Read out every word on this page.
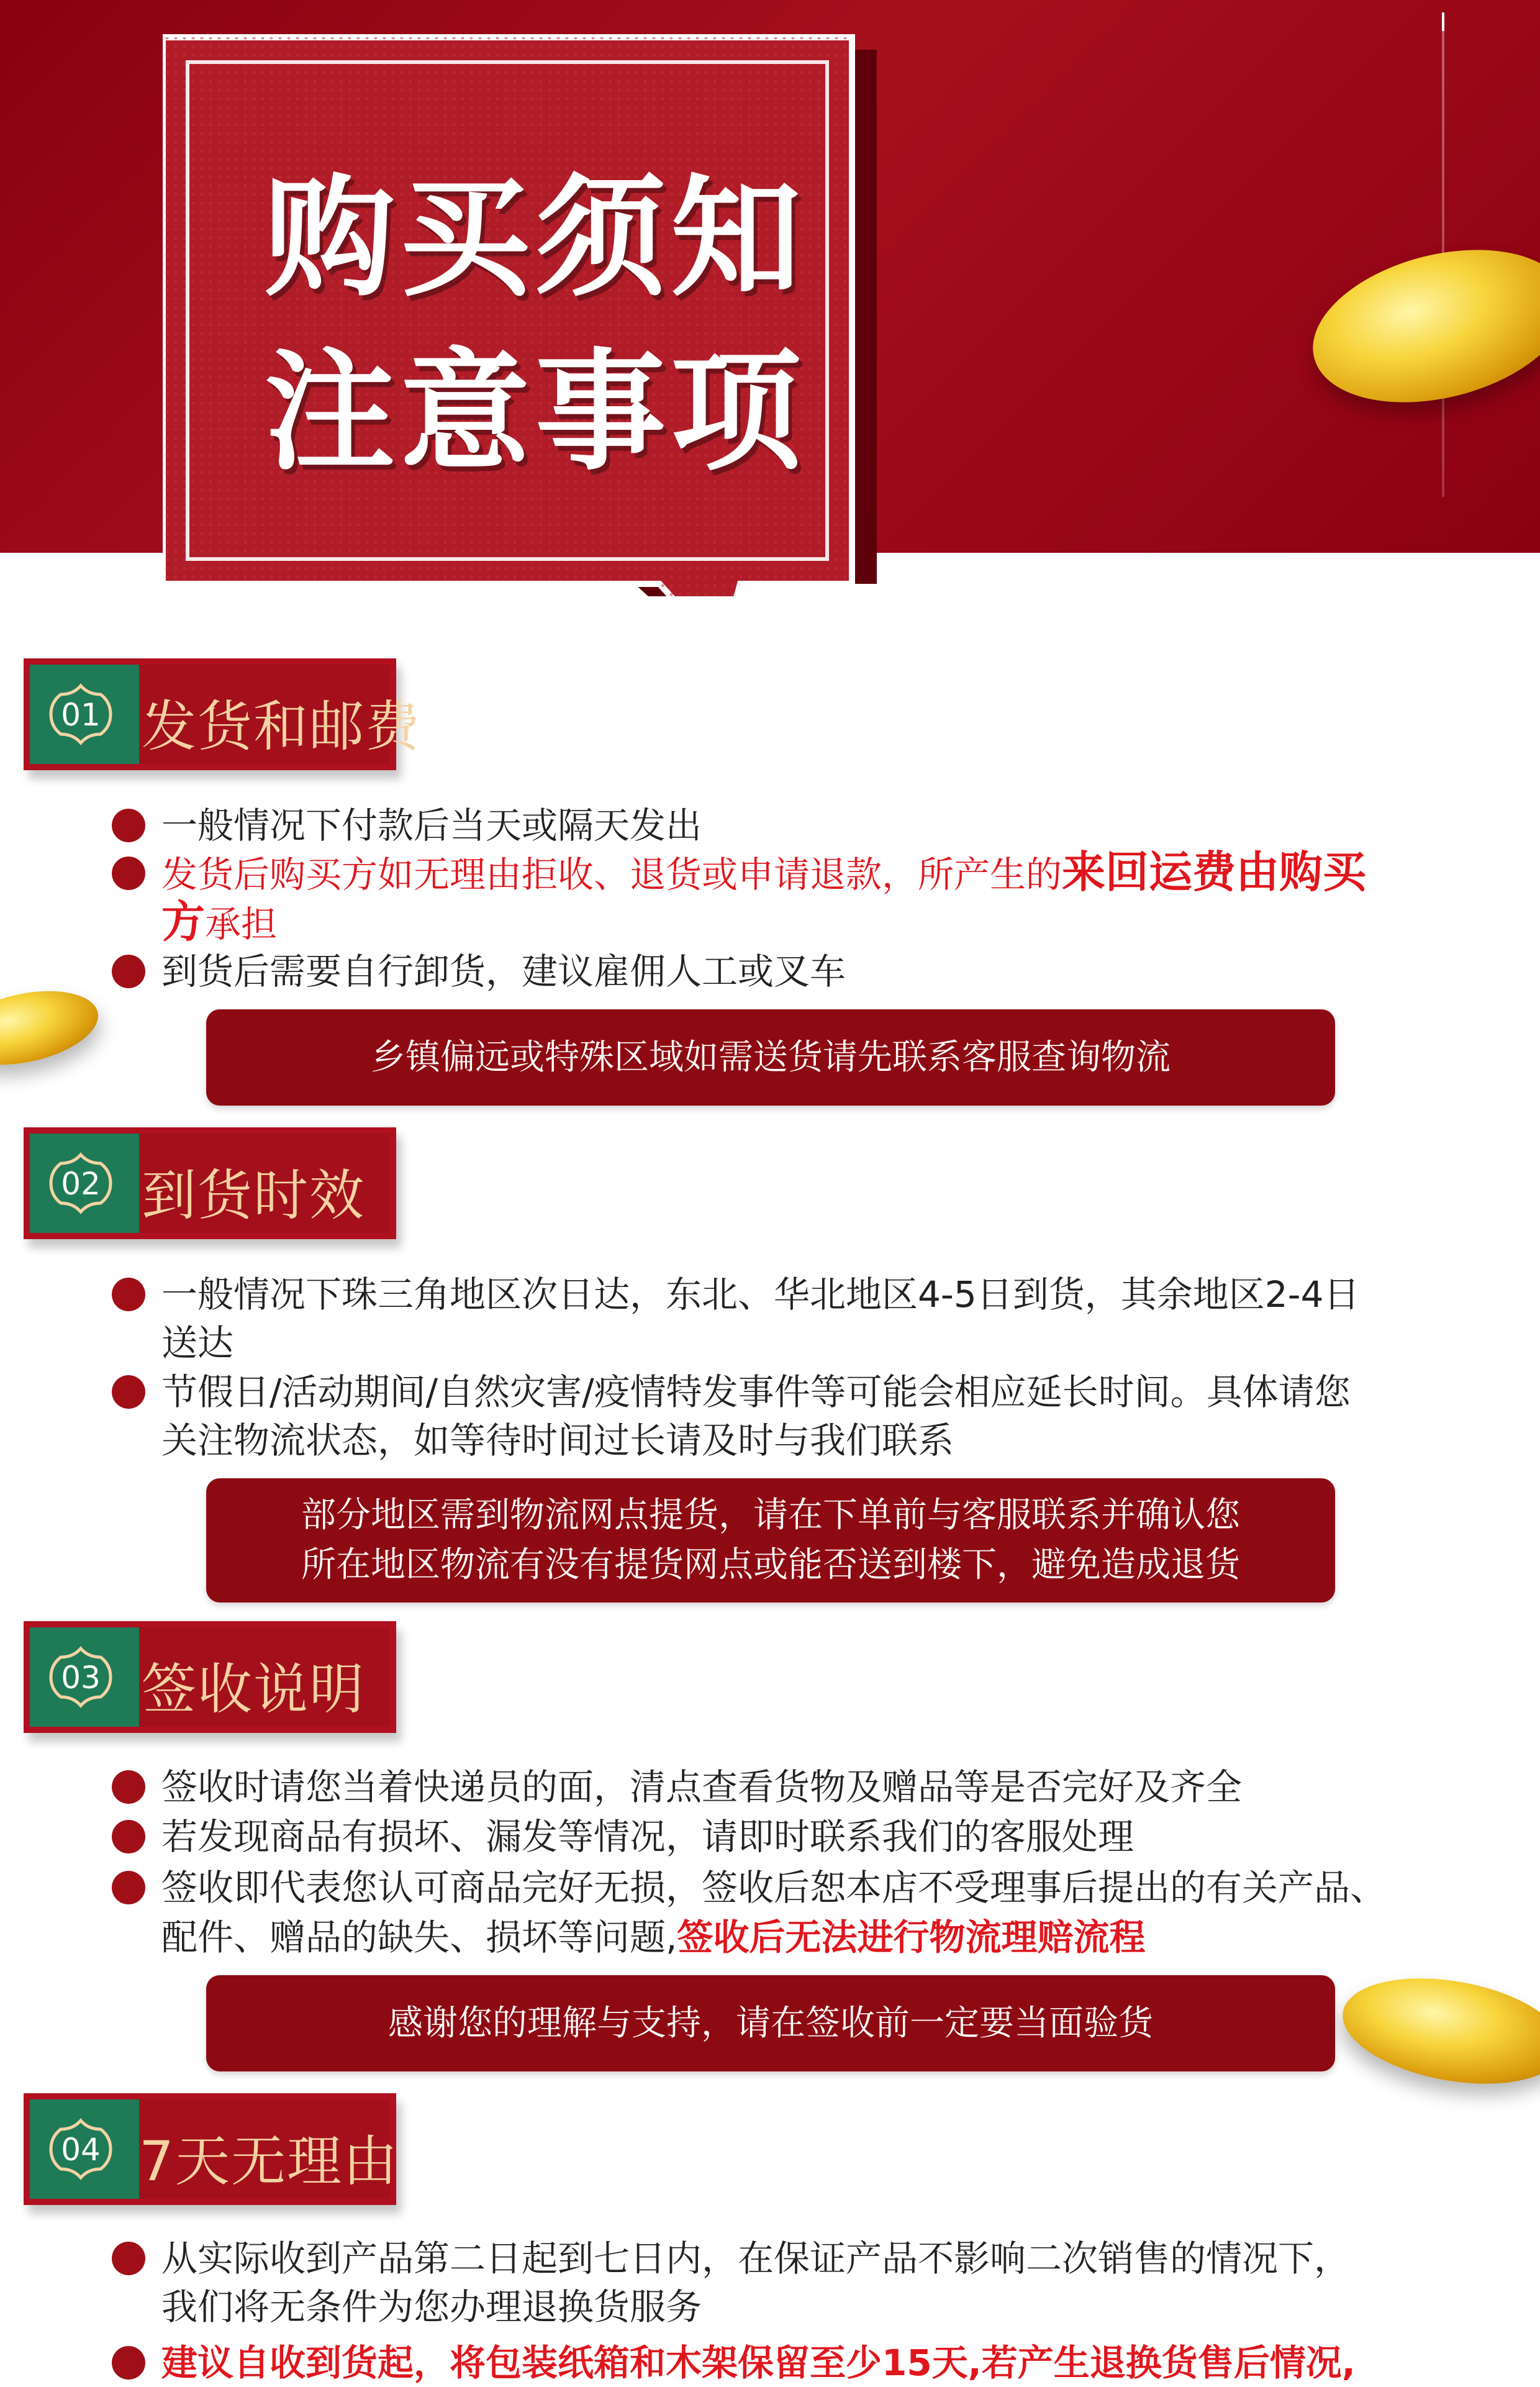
购买须知
注意事项
01 发货和邮费
一般情况下付款后当天或隔天发出
发货后购买方如无理由拒收、退货或申请退款，所产生的来回运费由购买
方承担
到货后需要自行卸货，建议雇佣人工或叉车
乡镇偏远或特殊区域如需送货请先联系客服查询物流
02 到货时效
一般情况下珠三角地区次日达，东北、华北地区4-5日到货，其余地区2-4日
送达
节假日/活动期间/自然灾害/疫情特发事件等可能会相应延长时间。具体请您
关注物流状态，如等待时间过长请及时与我们联系
部分地区需到物流网点提货，请在下单前与客服联系并确认您
所在地区物流有没有提货网点或能否送到楼下，避免造成退货
03 签收说明
签收时请您当着快递员的面，清点查看货物及赠品等是否完好及齐全
若发现商品有损坏、漏发等情况，请即时联系我们的客服处理
签收即代表您认可商品完好无损，签收后恕本店不受理事后提出的有关产品、
配件、赠品的缺失、损坏等问题,签收后无法进行物流理赔流程
感谢您的理解与支持，请在签收前一定要当面验货
04 7天无理由
从实际收到产品第二日起到七日内，在保证产品不影响二次销售的情况下，
我们将无条件为您办理退换货服务
建议自收到货起，将包装纸箱和木架保留至少15天,若产生退换货售后情况,
